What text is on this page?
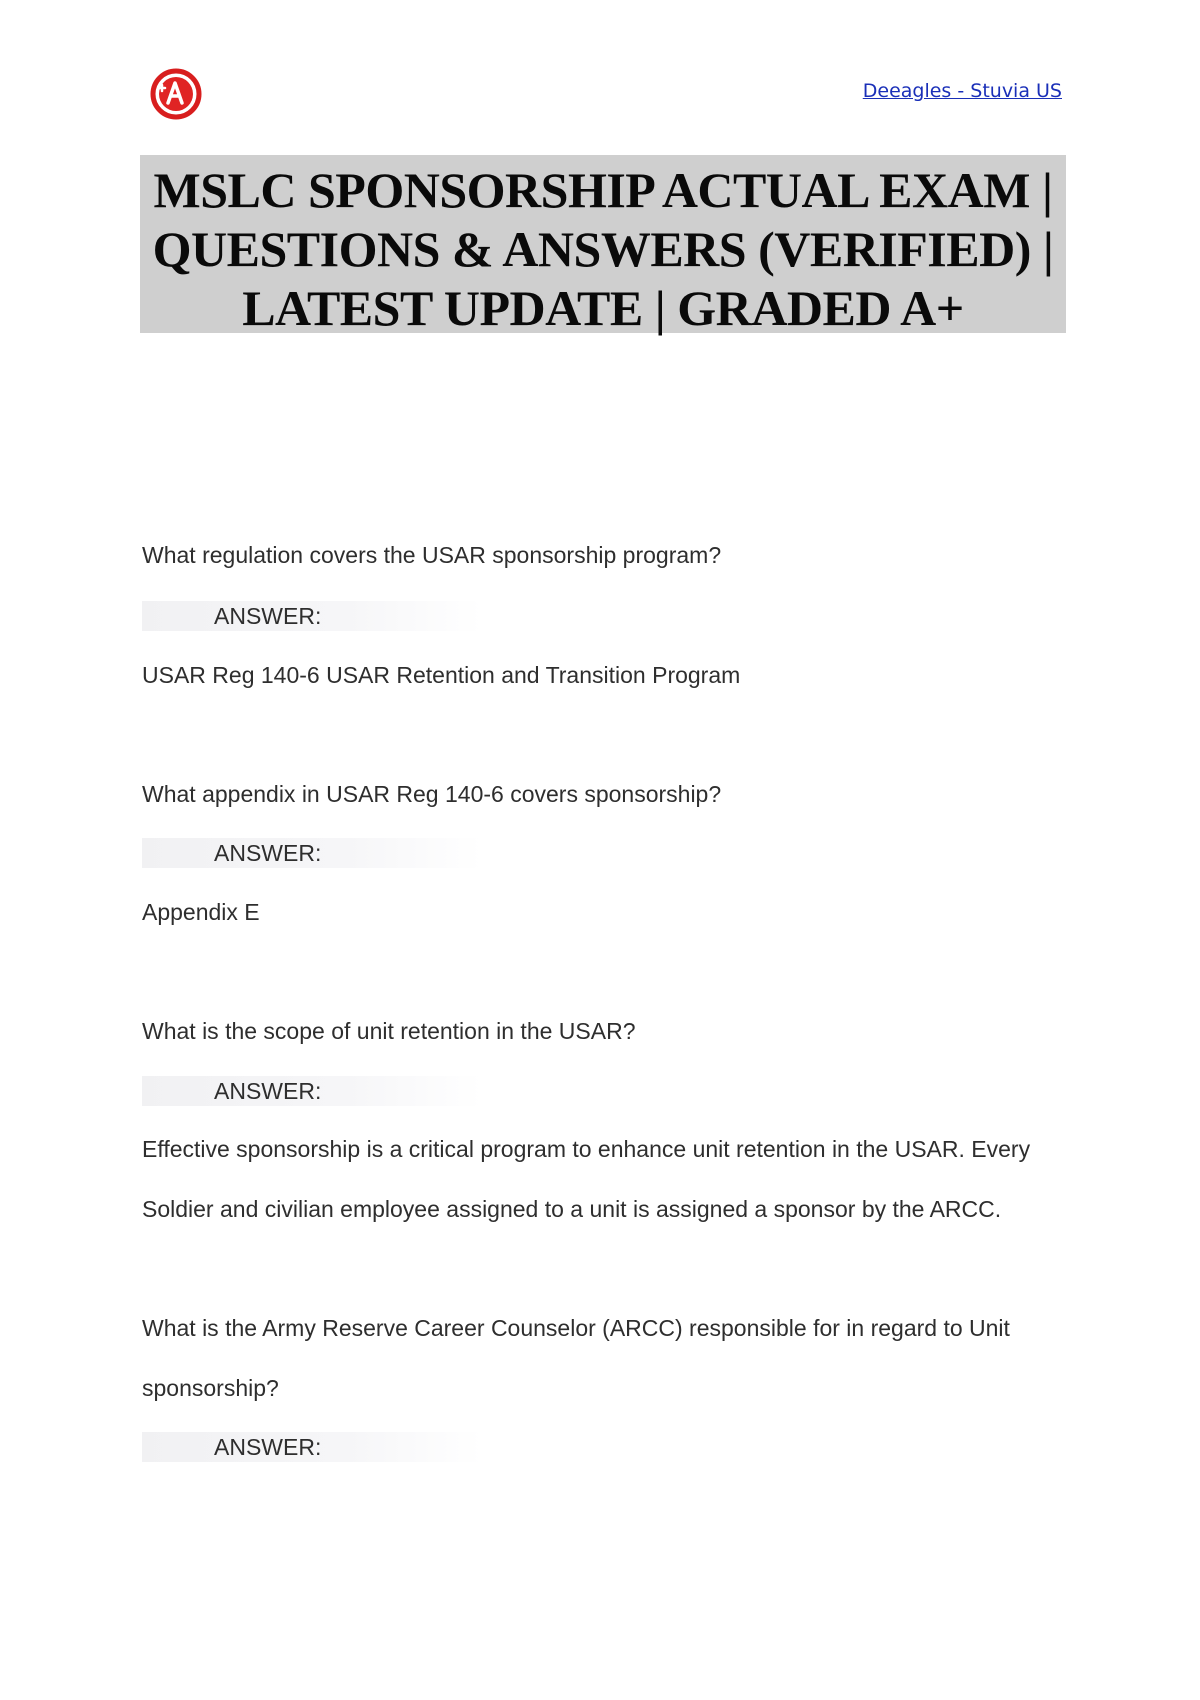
Deeagles - Stuvia US
MSLC SPONSORSHIP ACTUAL EXAM |
QUESTIONS & ANSWERS (VERIFIED) |
LATEST UPDATE | GRADED A+
What regulation covers the USAR sponsorship program?
ANSWER:
USAR Reg 140-6 USAR Retention and Transition Program
What appendix in USAR Reg 140-6 covers sponsorship?
ANSWER:
Appendix E
What is the scope of unit retention in the USAR?
ANSWER:
Effective sponsorship is a critical program to enhance unit retention in the USAR. Every
Soldier and civilian employee assigned to a unit is assigned a sponsor by the ARCC.
What is the Army Reserve Career Counselor (ARCC) responsible for in regard to Unit
sponsorship?
ANSWER:
